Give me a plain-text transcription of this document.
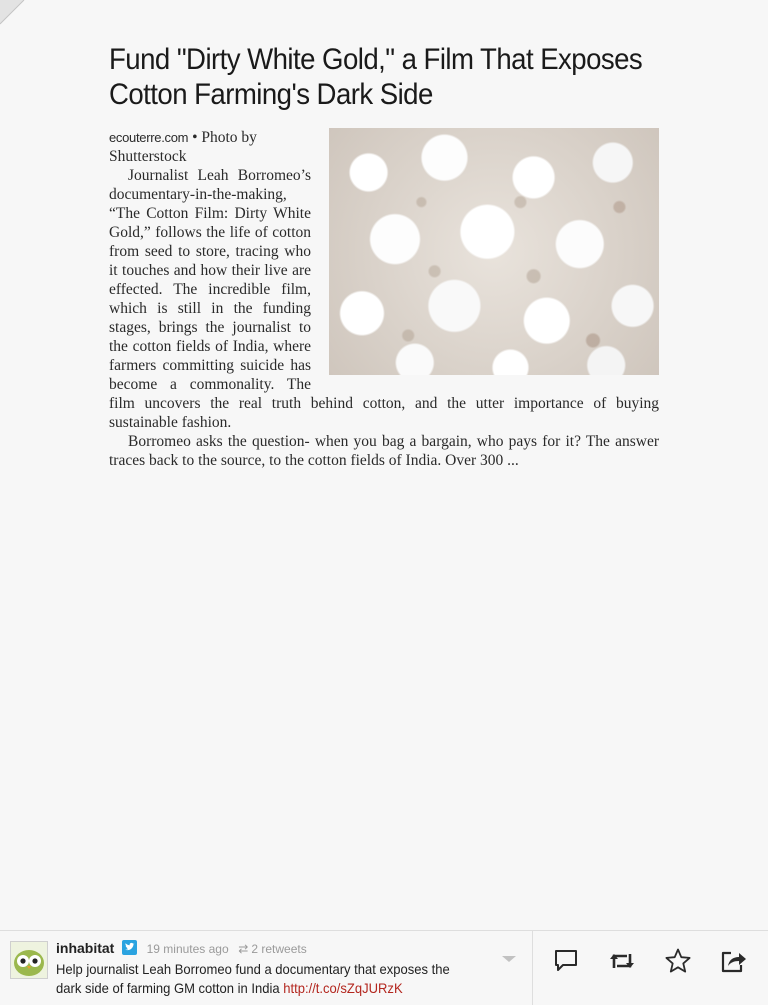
Fund "Dirty White Gold," a Film That Exposes Cotton Farming's Dark Side

ecouterre.com • Photo by Shutterstock

Journalist Leah Borromeo’s documentary-in-the-making, “The Cotton Film: Dirty White Gold,” follows the life of cotton from seed to store, tracing who it touches and how their live are effected. The incredible film, which is still in the funding stages, brings the journalist to the cotton fields of India, where farmers committing suicide has become a commonality. The film uncovers the real truth behind cotton, and the utter importance of buying sustainable fashion.

Borromeo asks the question- when you bag a bargain, who pays for it? The answer traces back to the source, to the cotton fields of India. Over 300 ...

inhabitat	19 minutes ago ⇄ 2 retweets
Help journalist Leah Borromeo fund a documentary that exposes the dark side of farming GM cotton in India http://t.co/sZqJURzK
